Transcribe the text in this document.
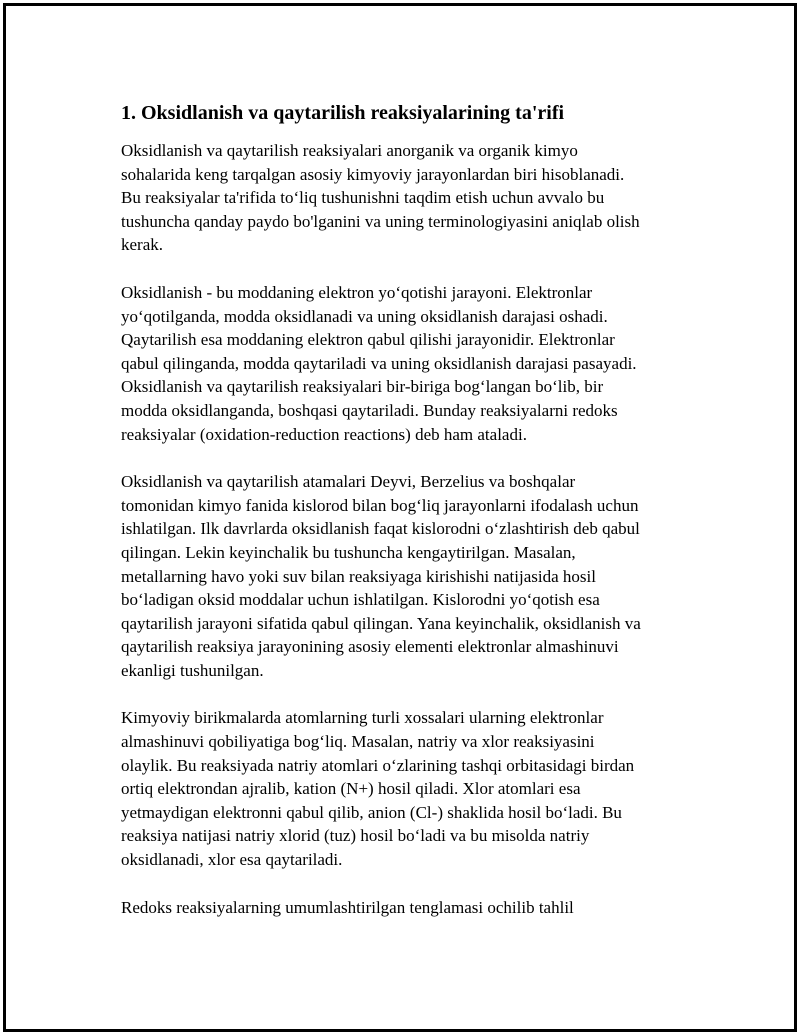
1. Oksidlanish va qaytarilish reaksiyalarining ta'rifi

Oksidlanish va qaytarilish reaksiyalari anorganik va organik kimyo
sohalarida keng tarqalgan asosiy kimyoviy jarayonlardan biri hisoblanadi.
Bu reaksiyalar ta'rifida to‘liq tushunishni taqdim etish uchun avvalo bu
tushuncha qanday paydo bo'lganini va uning terminologiyasini aniqlab olish
kerak.

Oksidlanish - bu moddaning elektron yo‘qotishi jarayoni. Elektronlar
yo‘qotilganda, modda oksidlanadi va uning oksidlanish darajasi oshadi.
Qaytarilish esa moddaning elektron qabul qilishi jarayonidir. Elektronlar
qabul qilinganda, modda qaytariladi va uning oksidlanish darajasi pasayadi.
Oksidlanish va qaytarilish reaksiyalari bir-biriga bog‘langan bo‘lib, bir
modda oksidlanganda, boshqasi qaytariladi. Bunday reaksiyalarni redoks
reaksiyalar (oxidation-reduction reactions) deb ham ataladi.

Oksidlanish va qaytarilish atamalari Deyvi, Berzelius va boshqalar
tomonidan kimyo fanida kislorod bilan bog‘liq jarayonlarni ifodalash uchun
ishlatilgan. Ilk davrlarda oksidlanish faqat kislorodni o‘zlashtirish deb qabul
qilingan. Lekin keyinchalik bu tushuncha kengaytirilgan. Masalan,
metallarning havo yoki suv bilan reaksiyaga kirishishi natijasida hosil
bo‘ladigan oksid moddalar uchun ishlatilgan. Kislorodni yo‘qotish esa
qaytarilish jarayoni sifatida qabul qilingan. Yana keyinchalik, oksidlanish va
qaytarilish reaksiya jarayonining asosiy elementi elektronlar almashinuvi
ekanligi tushunilgan.

Kimyoviy birikmalarda atomlarning turli xossalari ularning elektronlar
almashinuvi qobiliyatiga bog‘liq. Masalan, natriy va xlor reaksiyasini
olaylik. Bu reaksiyada natriy atomlari o‘zlarining tashqi orbitasidagi birdan
ortiq elektrondan ajralib, kation (N+) hosil qiladi. Xlor atomlari esa
yetmaydigan elektronni qabul qilib, anion (Cl-) shaklida hosil bo‘ladi. Bu
reaksiya natijasi natriy xlorid (tuz) hosil bo‘ladi va bu misolda natriy
oksidlanadi, xlor esa qaytariladi.

Redoks reaksiyalarning umumlashtirilgan tenglamasi ochilib tahlil
